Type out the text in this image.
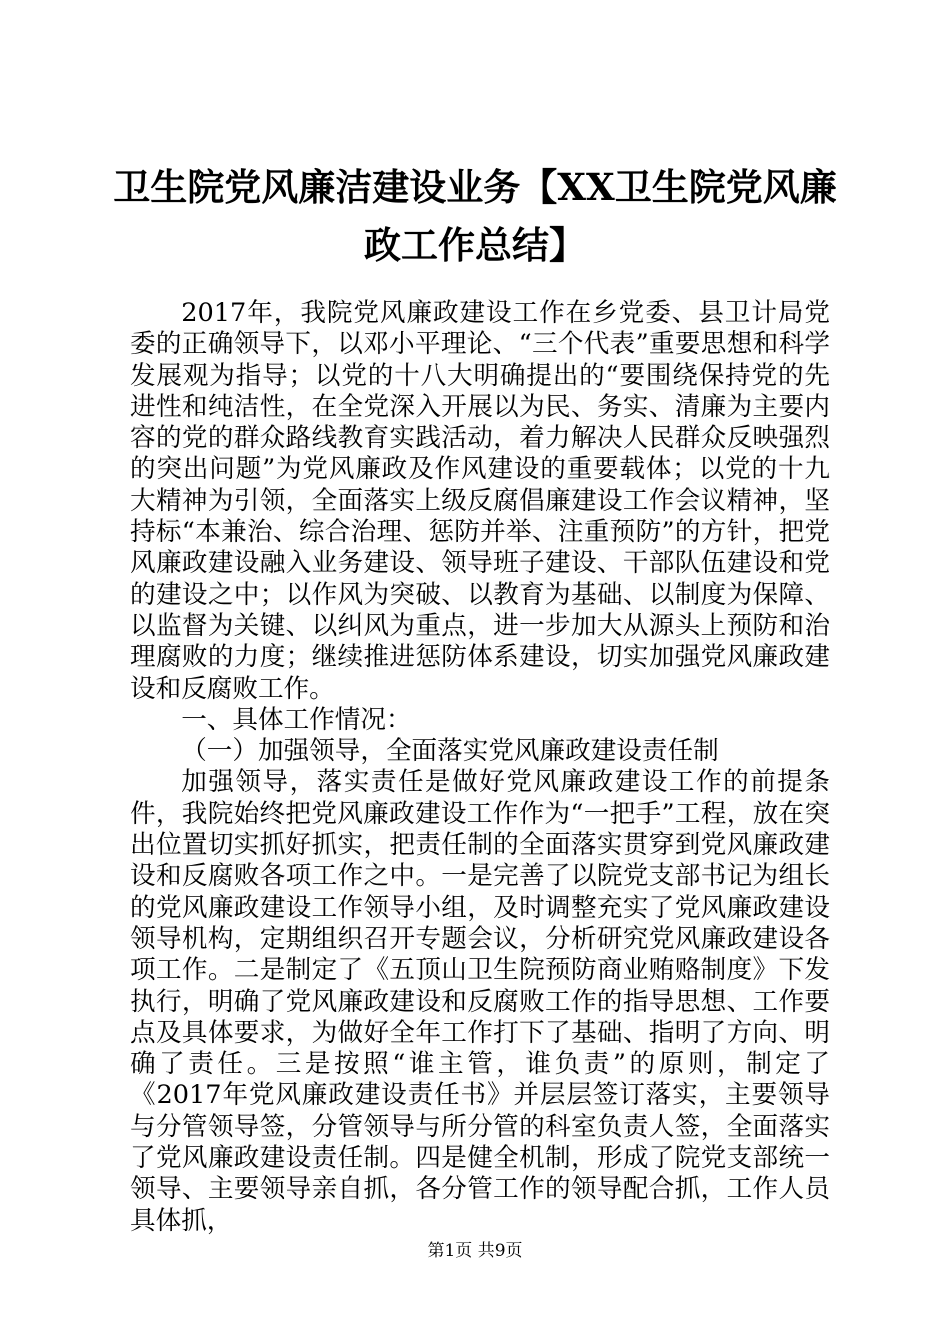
卫生院党风廉洁建设业务【XX卫生院党风廉
政工作总结】

2017年，我院党风廉政建设工作在乡党委、县卫计局党委的正确领导下，以邓小平理论、“三个代表”重要思想和科学发展观为指导；以党的十八大明确提出的“要围绕保持党的先进性和纯洁性，在全党深入开展以为民、务实、清廉为主要内容的党的群众路线教育实践活动，着力解决人民群众反映强烈的突出问题”为党风廉政及作风建设的重要载体；以党的十九大精神为引领，全面落实上级反腐倡廉建设工作会议精神，坚持标“本兼治、综合治理、惩防并举、注重预防”的方针，把党风廉政建设融入业务建设、领导班子建设、干部队伍建设和党的建设之中；以作风为突破、以教育为基础、以制度为保障、以监督为关键、以纠风为重点，进一步加大从源头上预防和治理腐败的力度；继续推进惩防体系建设，切实加强党风廉政建设和反腐败工作。

一、具体工作情况：

（一）加强领导，全面落实党风廉政建设责任制

加强领导，落实责任是做好党风廉政建设工作的前提条件，我院始终把党风廉政建设工作作为“一把手”工程，放在突出位置切实抓好抓实，把责任制的全面落实贯穿到党风廉政建设和反腐败各项工作之中。一是完善了以院党支部书记为组长的党风廉政建设工作领导小组，及时调整充实了党风廉政建设领导机构，定期组织召开专题会议，分析研究党风廉政建设各项工作。二是制定了《五顶山卫生院预防商业贿赂制度》下发执行，明确了党风廉政建设和反腐败工作的指导思想、工作要点及具体要求，为做好全年工作打下了基础、指明了方向、明确了责任。三是按照“谁主管，谁负责”的原则，制定了《2017年党风廉政建设责任书》并层层签订落实，主要领导与分管领导签，分管领导与所分管的科室负责人签，全面落实了党风廉政建设责任制。四是健全机制，形成了院党支部统一领导、主要领导亲自抓，各分管工作的领导配合抓，工作人员具体抓，

第1页 共9页
